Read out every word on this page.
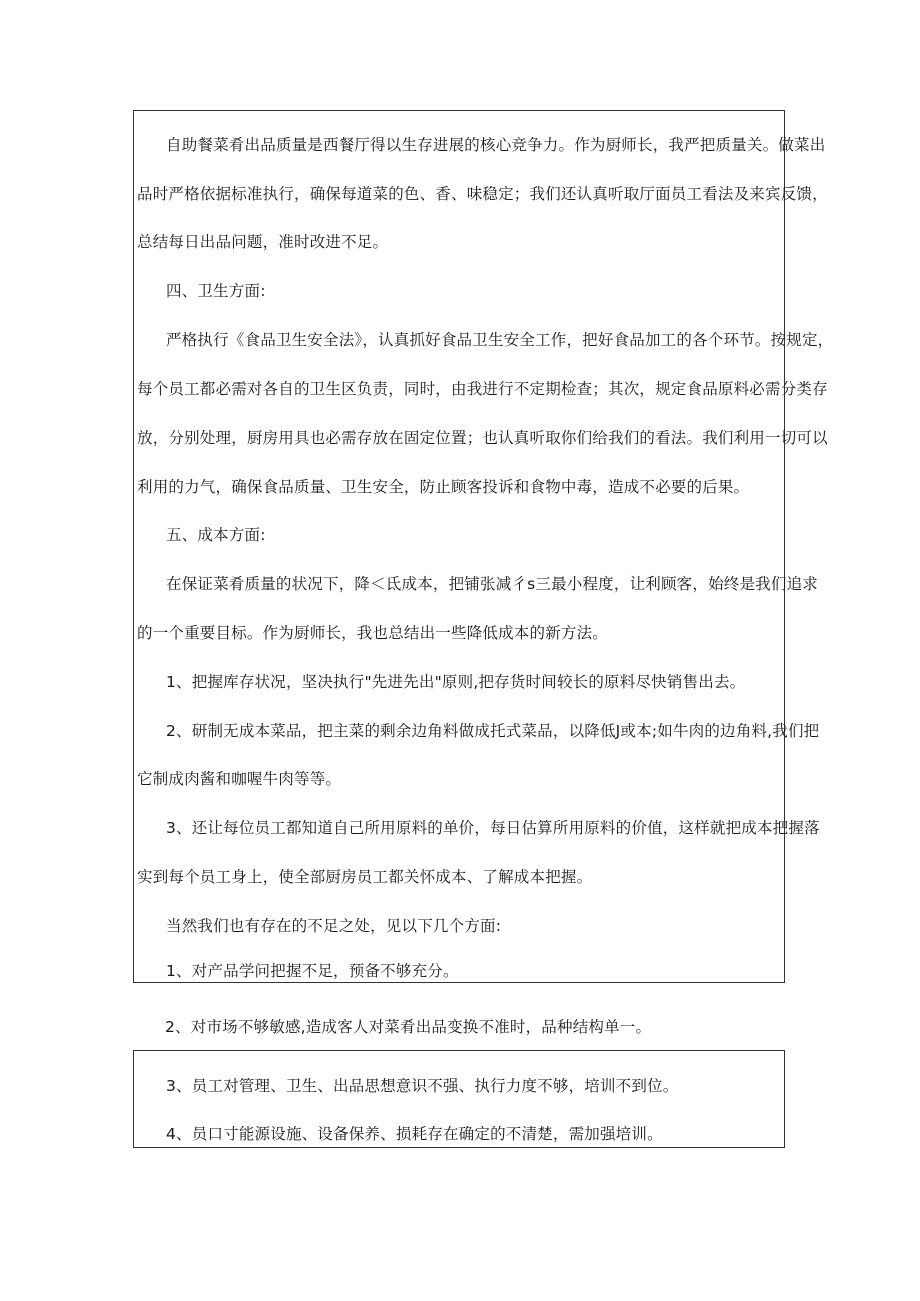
自助餐菜肴出品质量是西餐厅得以生存进展的核心竞争力。作为厨师长，我严把质量关。做菜出
品时严格依据标准执行，确保每道菜的色、香、味稳定；我们还认真听取厅面员工看法及来宾反馈，
总结每日出品问题，准时改进不足。
四、卫生方面:
严格执行《食品卫生安全法》，认真抓好食品卫生安全工作，把好食品加工的各个环节。按规定，
每个员工都必需对各自的卫生区负责，同时，由我进行不定期检查；其次，规定食品原料必需分类存
放，分别处理，厨房用具也必需存放在固定位置；也认真听取你们给我们的看法。我们利用一切可以
利用的力气，确保食品质量、卫生安全，防止顾客投诉和食物中毒，造成不必要的后果。
五、成本方面:
在保证菜肴质量的状况下，降＜氐成本，把铺张减彳s三最小程度，让利顾客，始终是我们追求
的一个重要目标。作为厨师长，我也总结出一些降低成本的新方法。
1、把握库存状况，坚决执行"先进先出"原则,把存货时间较长的原料尽快销售出去。
2、研制无成本菜品，把主菜的剩余边角料做成托式菜品，以降低J或本;如牛肉的边角料,我们把
它制成肉酱和咖喔牛肉等等。
3、还让每位员工都知道自己所用原料的单价，每日估算所用原料的价值，这样就把成本把握落
实到每个员工身上，使全部厨房员工都关怀成本、了解成本把握。
当然我们也有存在的不足之处，见以下几个方面:
1、对产品学问把握不足，预备不够充分。
2、对市场不够敏感,造成客人对菜肴出品变换不准时，品种结构单一。
3、员工对管理、卫生、出品思想意识不强、执行力度不够，培训不到位。
4、员口寸能源设施、设备保养、损耗存在确定的不清楚，需加强培训。
